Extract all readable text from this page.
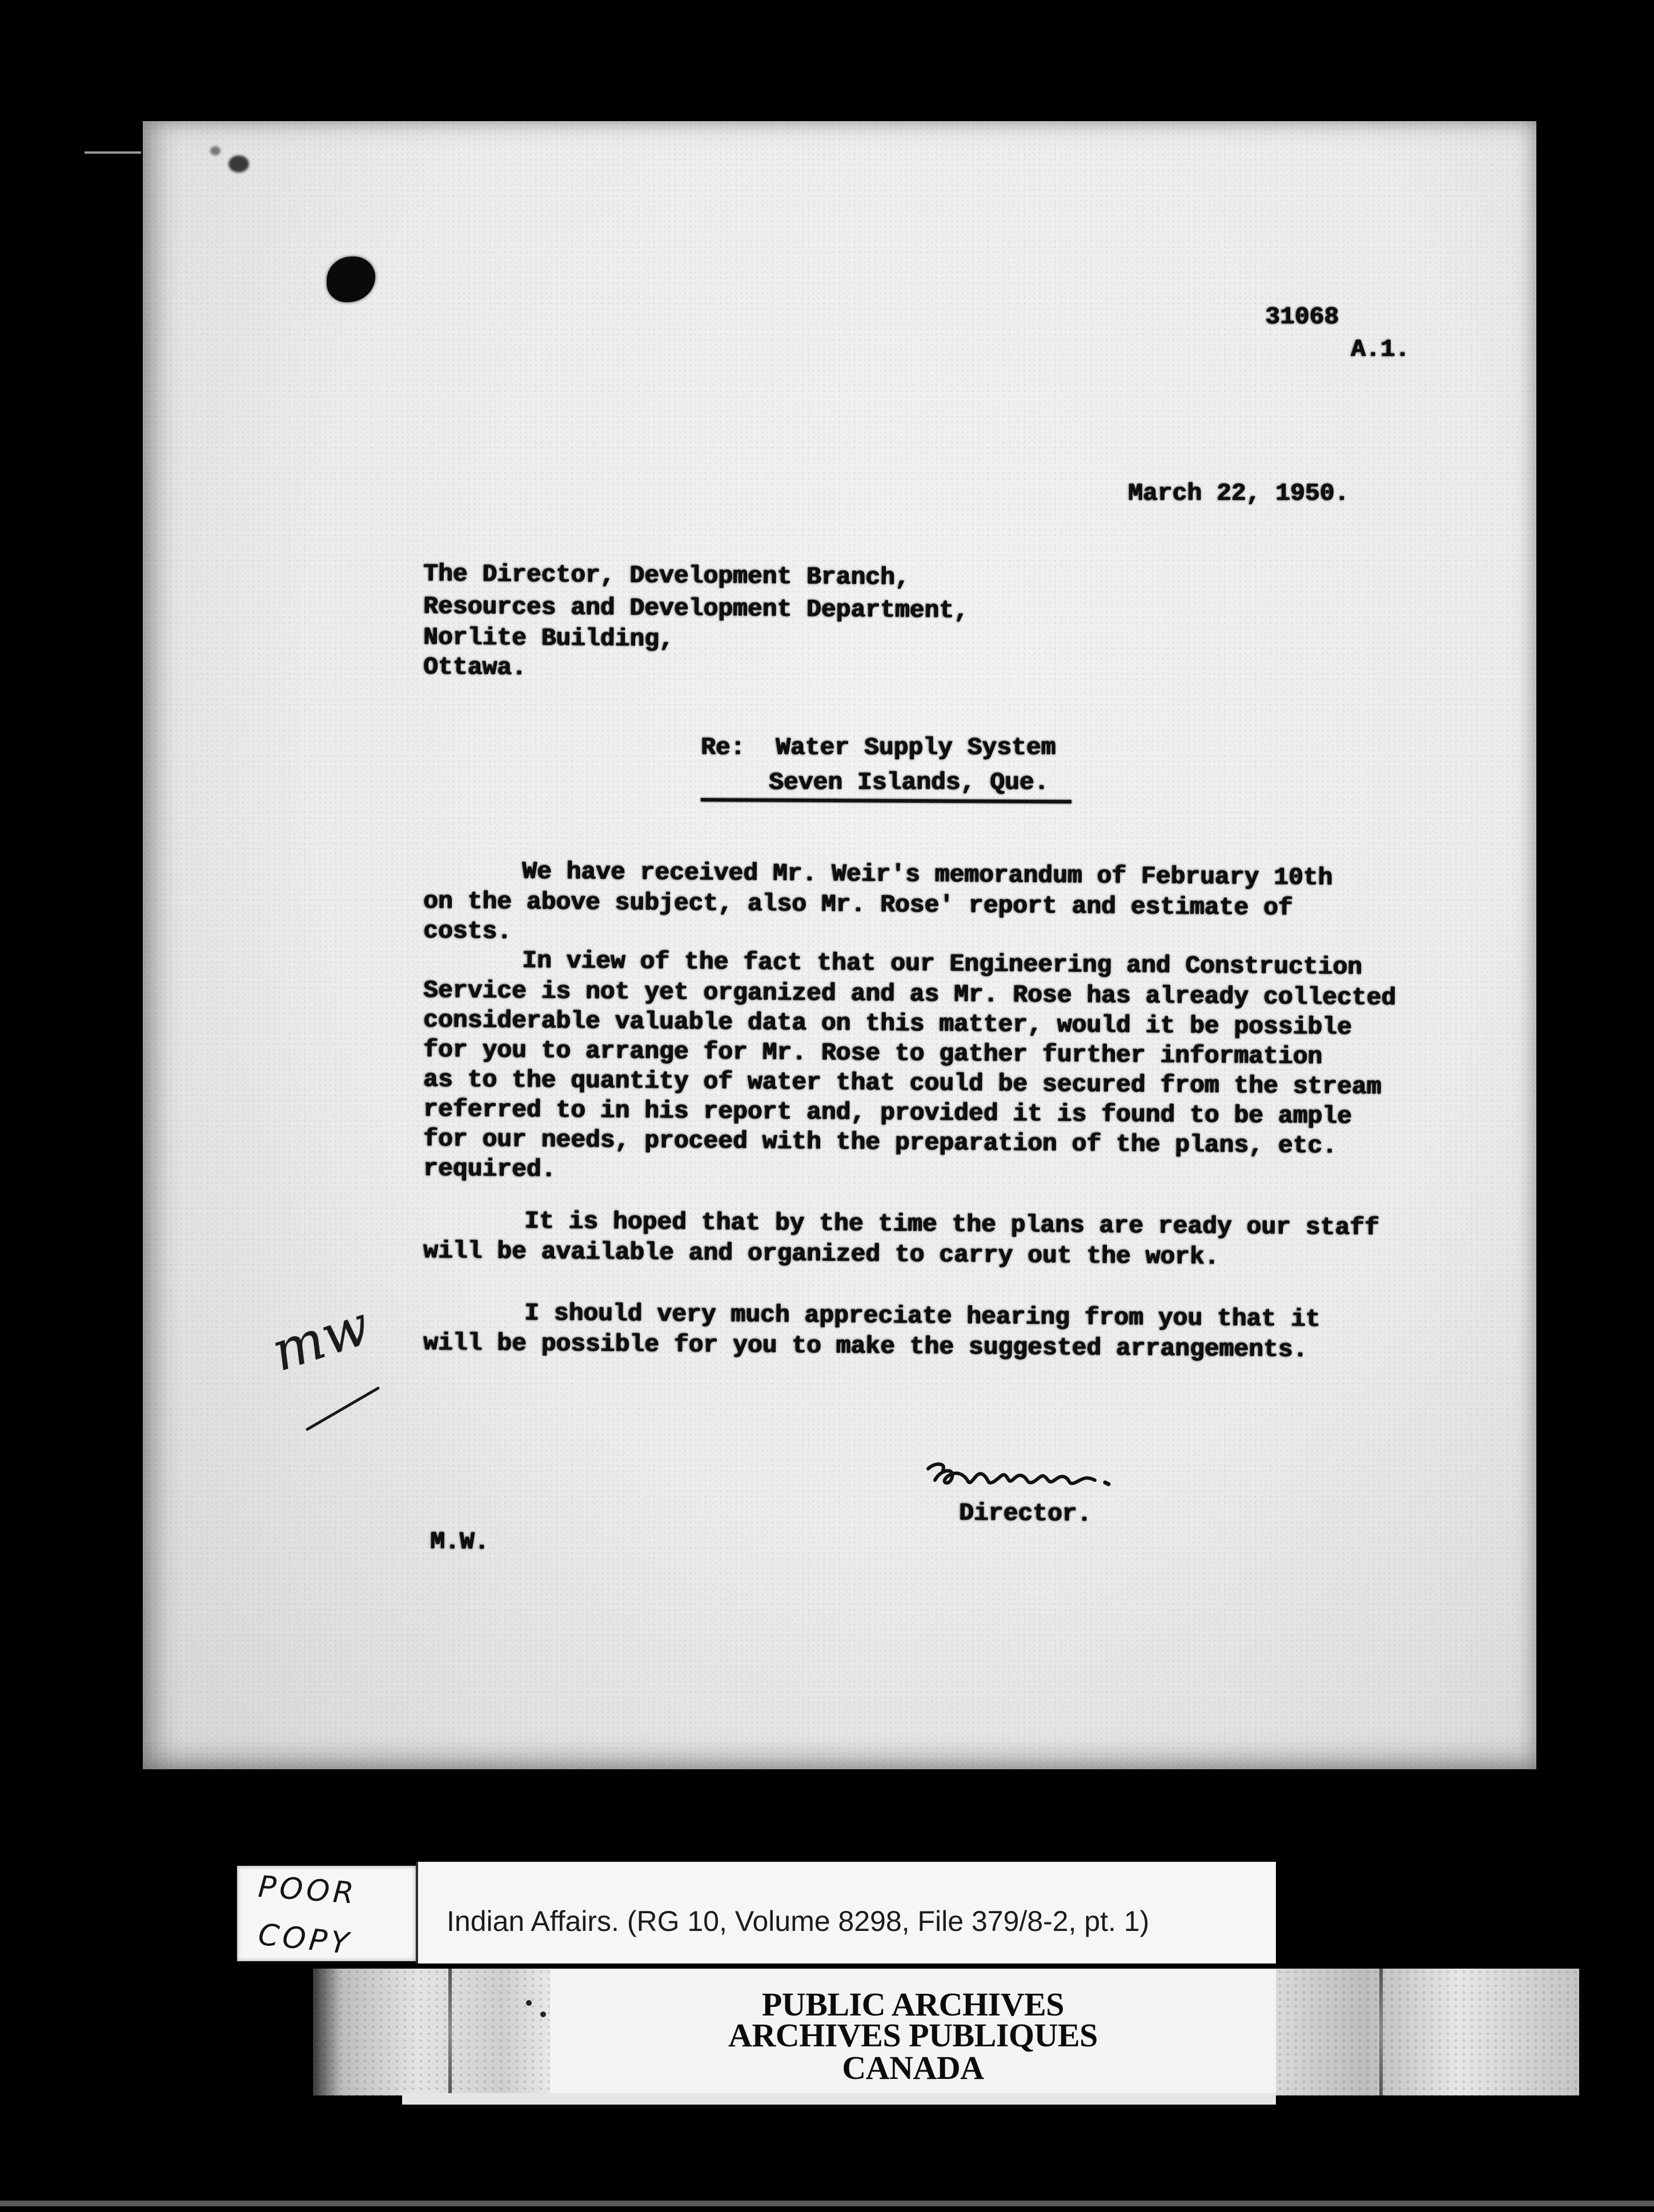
31068
A.1.
March 22, 1950.
The Director, Development Branch,
Resources and Development Department,
Norlite Building,
Ottawa.
Re: Water Supply System
Seven Islands, Que.
We have received Mr. Weir's memorandum of February 10th
on the above subject, also Mr. Rose' report and estimate of
costs.
In view of the fact that our Engineering and Construction
Service is not yet organized and as Mr. Rose has already collected
considerable valuable data on this matter, would it be possible
for you to arrange for Mr. Rose to gather further information
as to the quantity of water that could be secured from the stream
referred to in his report and, provided it is found to be ample
for our needs, proceed with the preparation of the plans, etc.
required.
It is hoped that by the time the plans are ready our staff
will be available and organized to carry out the work.
I should very much appreciate hearing from you that it
will be possible for you to make the suggested arrangements.
mw
Director.
M.W.
POOR
COPY	Indian Affairs. (RG 10, Volume 8298, File 379/8-2, pt. 1)
PUBLIC ARCHIVES
ARCHIVES PUBLIQUES
CANADA
